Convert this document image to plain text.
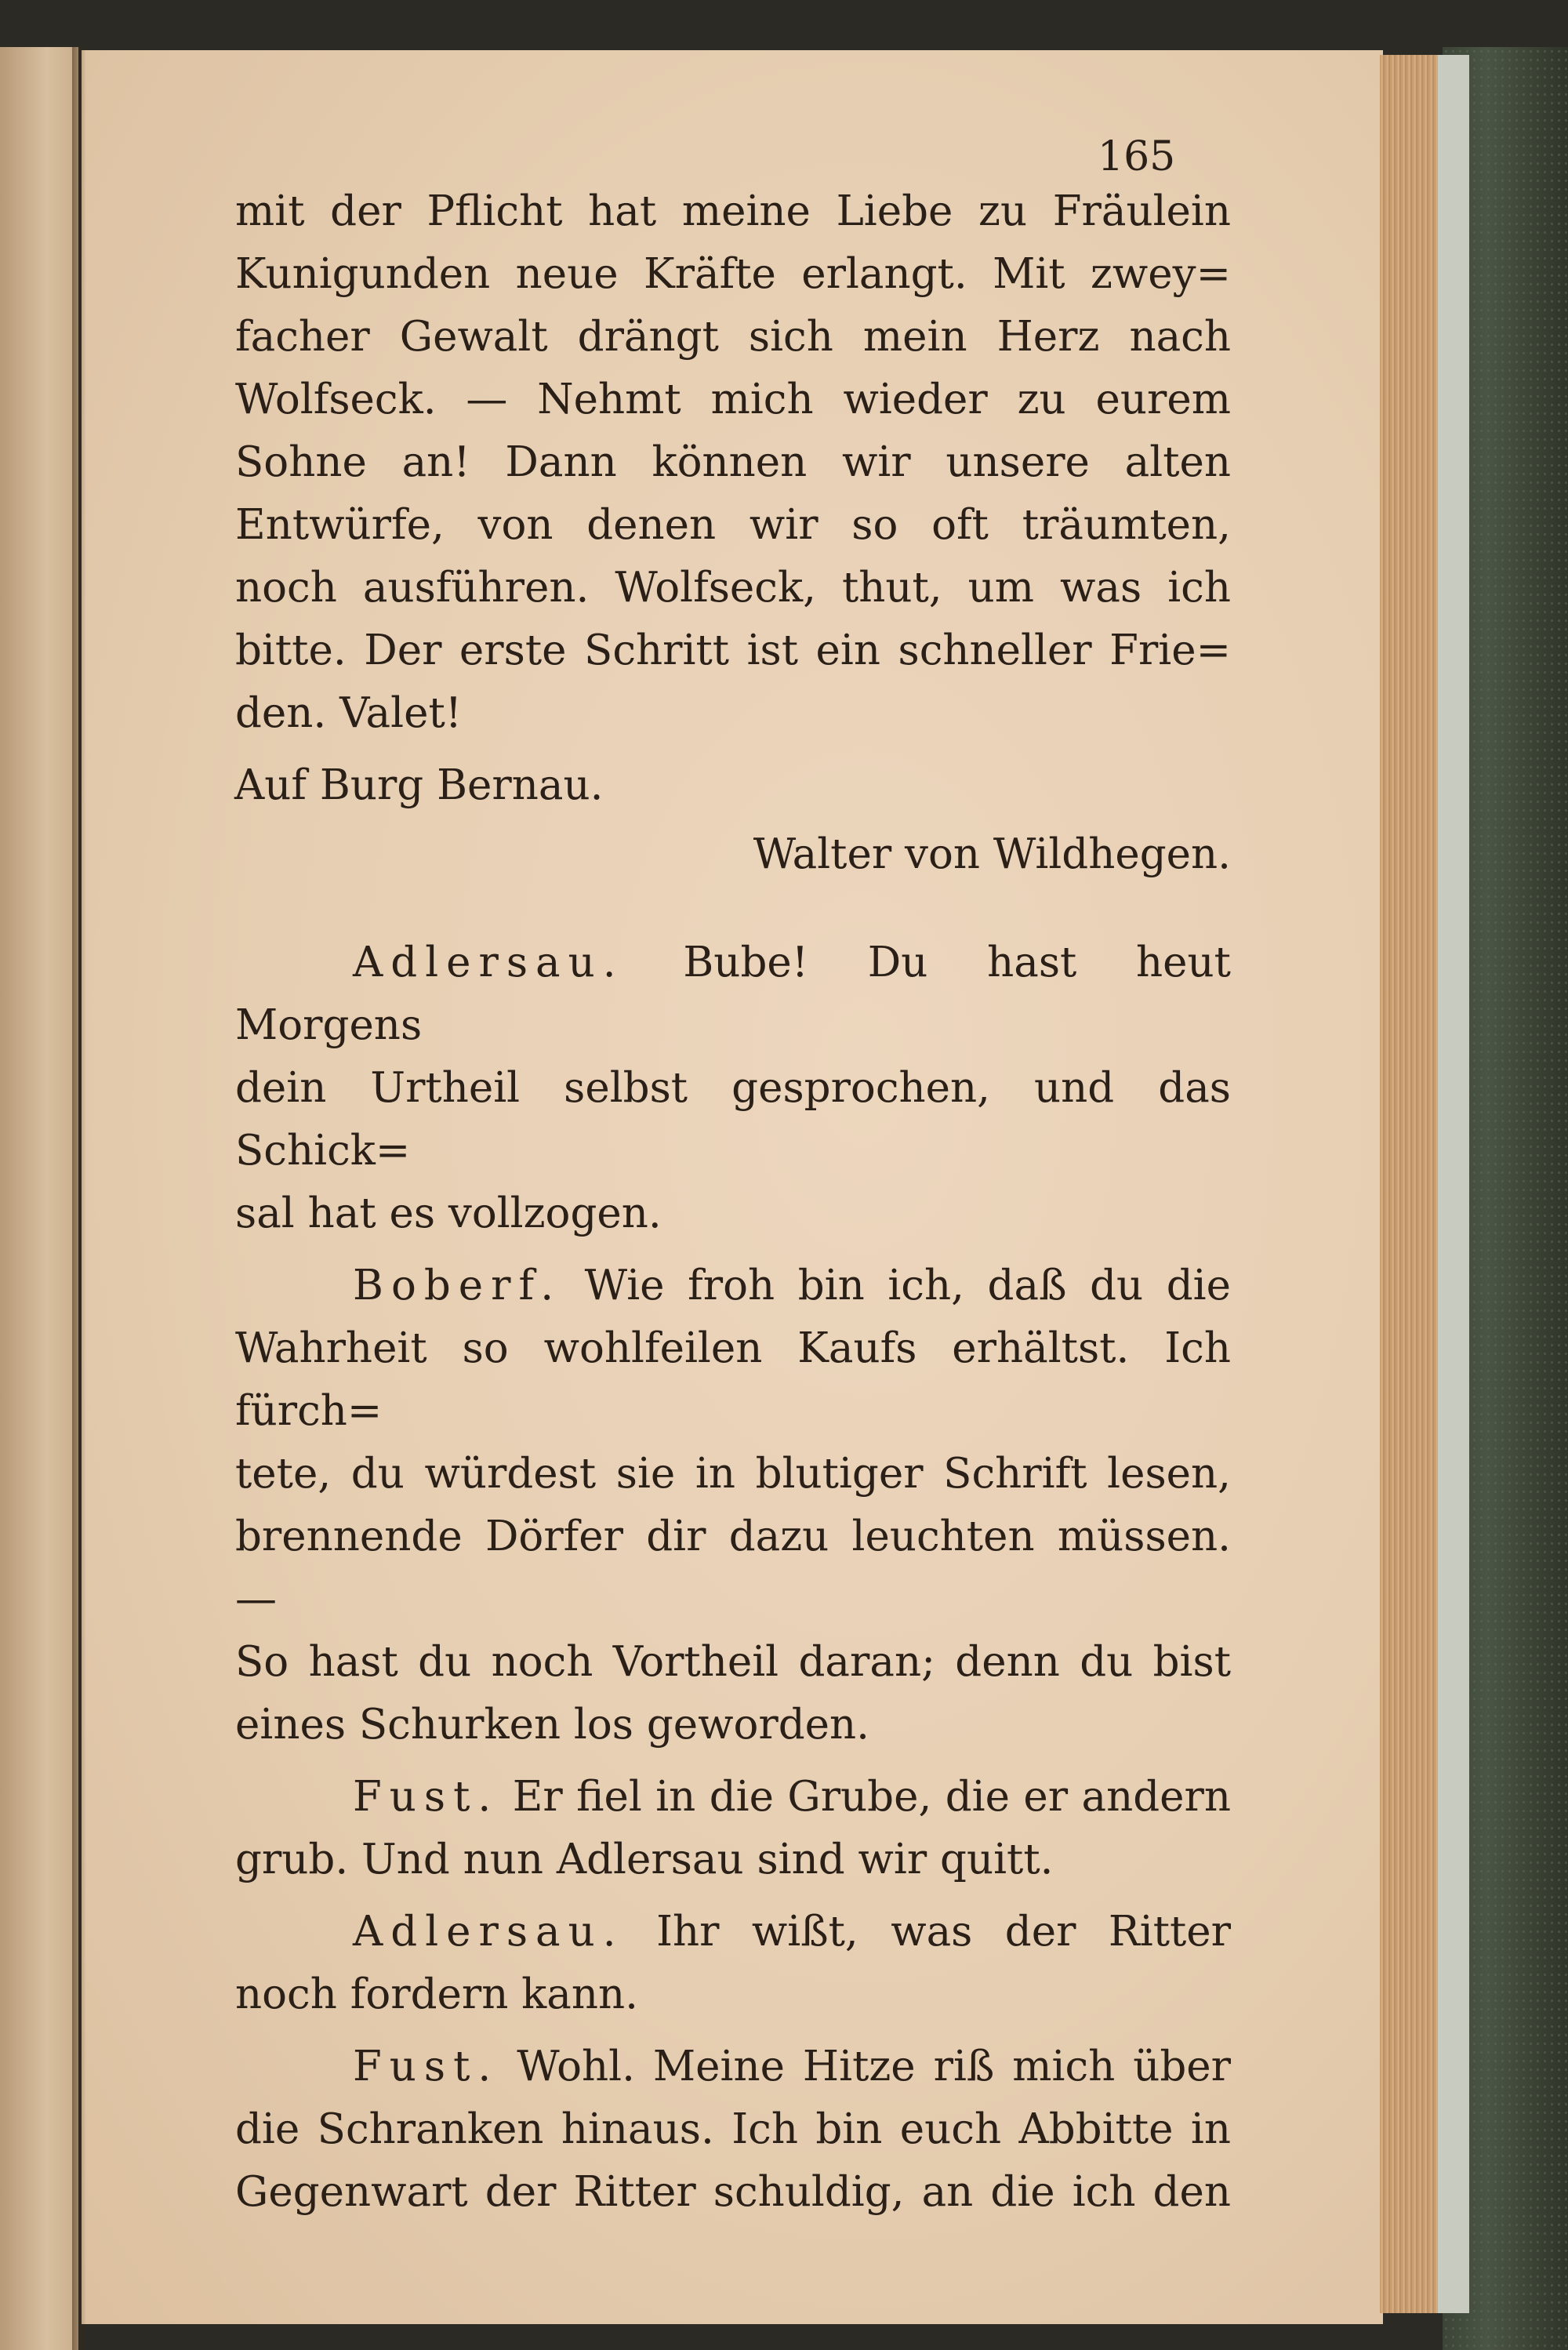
165

mit der Pflicht hat meine Liebe zu Fräulein

Kunigunden neue Kräfte erlangt. Mit zwey=

facher Gewalt drängt sich mein Herz nach

Wolfseck. — Nehmt mich wieder zu eurem

Sohne an! Dann können wir unsere alten

Entwürfe, von denen wir so oft träumten,

noch ausführen. Wolfseck, thut, um was ich

bitte. Der erste Schritt ist ein schneller Frie=

den. Valet!

Auf Burg Bernau.

Walter von Wildhegen.

Adlersau. Bube! Du hast heut Morgens

dein Urtheil selbst gesprochen, und das Schick=

sal hat es vollzogen.

Boberf. Wie froh bin ich, daß du die

Wahrheit so wohlfeilen Kaufs erhältst. Ich fürch=

tete, du würdest sie in blutiger Schrift lesen,

brennende Dörfer dir dazu leuchten müssen. —

So hast du noch Vortheil daran; denn du bist

eines Schurken los geworden.

Fust. Er fiel in die Grube, die er andern

grub. Und nun Adlersau sind wir quitt.

Adlersau. Ihr wißt, was der Ritter

noch fordern kann.

Fust. Wohl. Meine Hitze riß mich über

die Schranken hinaus. Ich bin euch Abbitte in

Gegenwart der Ritter schuldig, an die ich den
